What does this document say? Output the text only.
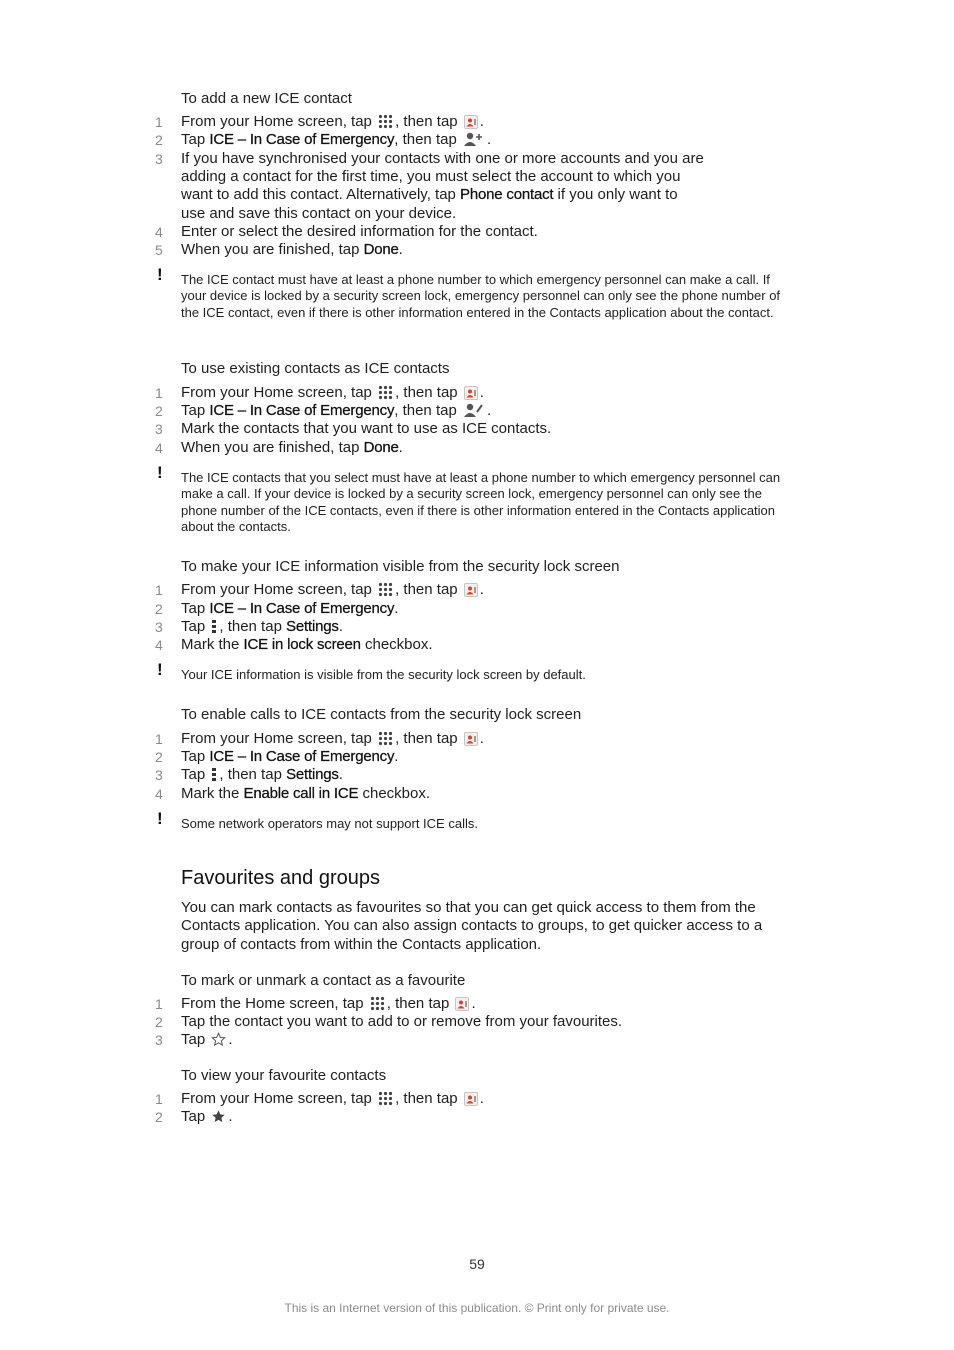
To add a new ICE contact
1 From your Home screen, tap , then tap .
2 Tap ICE – In Case of Emergency, then tap .
3 If you have synchronised your contacts with one or more accounts and you are
adding a contact for the first time, you must select the account to which you
want to add this contact. Alternatively, tap Phone contact if you only want to
use and save this contact on your device.
4 Enter or select the desired information for the contact.
5 When you are finished, tap Done.
! The ICE contact must have at least a phone number to which emergency personnel can make a call. If your device is locked by a security screen lock, emergency personnel can only see the phone number of the ICE contact, even if there is other information entered in the Contacts application about the contact.
To use existing contacts as ICE contacts
1 From your Home screen, tap , then tap .
2 Tap ICE – In Case of Emergency, then tap .
3 Mark the contacts that you want to use as ICE contacts.
4 When you are finished, tap Done.
! The ICE contacts that you select must have at least a phone number to which emergency personnel can make a call. If your device is locked by a security screen lock, emergency personnel can only see the phone number of the ICE contacts, even if there is other information entered in the Contacts application about the contacts.
To make your ICE information visible from the security lock screen
1 From your Home screen, tap , then tap .
2 Tap ICE – In Case of Emergency.
3 Tap , then tap Settings.
4 Mark the ICE in lock screen checkbox.
! Your ICE information is visible from the security lock screen by default.
To enable calls to ICE contacts from the security lock screen
1 From your Home screen, tap , then tap .
2 Tap ICE – In Case of Emergency.
3 Tap , then tap Settings.
4 Mark the Enable call in ICE checkbox.
! Some network operators may not support ICE calls.
Favourites and groups
You can mark contacts as favourites so that you can get quick access to them from the Contacts application. You can also assign contacts to groups, to get quicker access to a group of contacts from within the Contacts application.
To mark or unmark a contact as a favourite
1 From the Home screen, tap , then tap .
2 Tap the contact you want to add to or remove from your favourites.
3 Tap .
To view your favourite contacts
1 From your Home screen, tap , then tap .
2 Tap .
59
This is an Internet version of this publication. © Print only for private use.
